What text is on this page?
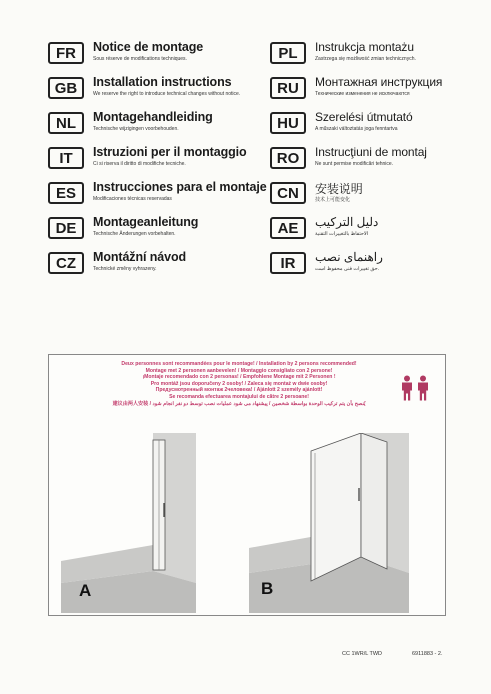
FR	Notice de montage
Sous réserve de modifications techniques.
GB	Installation instructions
We reserve the right to introduce technical changes without notice.
NL	Montagehandleiding
Technische wijzigingen voorbehouden.
IT	Istruzioni per il montaggio
Ci si riserva il diritto di modifiche tecniche.
ES	Instrucciones para el montaje
Modificaciones técnicas reservadas
DE	Montageanleitung
Technische Änderungen vorbehalten.
CZ	Montážní návod
Technické změny vyhrazeny.
PL	Instrukcja montażu
Zastrzega się możliwość zmian technicznych.
RU	Монтажная инструкция
Технические изменения не исключаются
HU	Szerelési útmutató
A műszaki változtatás joga fenntartva
RO	Instrucţiuni de montaj
Ne sunt permise modificări tehnice.
CN	安装说明
技术上可能变化
AE	دليل التركيب
الاحتفاظ بالتغييرات التقنية
IR	راهنمای نصب
حق تغییرات فنی محفوظ است.
Deux personnes sont recommandées pour le montage! / Installation by 2 persons recommended!
Montage met 2 personen aanbevelen! / Montaggio consigliato con 2 persone!
¡Montaje recomendado con 2 personas! / Empfohlene Montage mit 2 Personen !
Pro montáž jsou doporučeny 2 osoby! / Zaleca się montaż w dwie osoby!
Предусмотренный монтаж 2человека! / Ajánlott 2 személy ajánlott!
Se recomanda efectuarea montajului de către 2 persoane!
建议由两人安装 / يُنصح بأن يتم تركيب الوحدة بواسطة شخصين / پیشنهاد می شود عملیات نصب توسط دو نفر انجام شود
A	B
CC 1WR/L TWD	6911883 - 2.
